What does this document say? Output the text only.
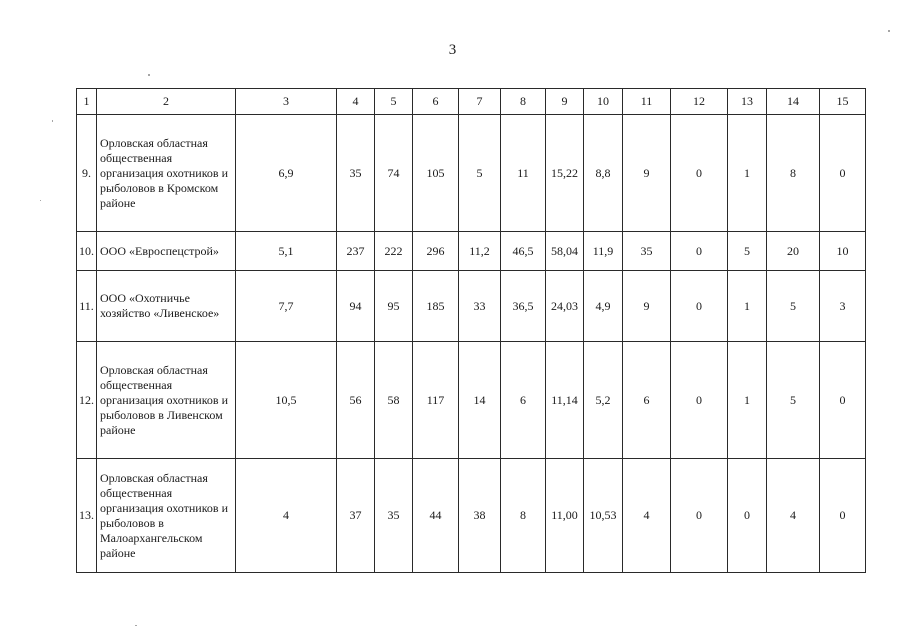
3
1	2	3	4	5	6	7	8	9	10	11	12	13	14	15
9.	Орловская областная общественная организация охотников и рыболовов в Кромском районе	6,9	35	74	105	5	11	15,22	8,8	9	0	1	8	0
10.	ООО «Евроспецстрой»	5,1	237	222	296	11,2	46,5	58,04	11,9	35	0	5	20	10
11.	ООО «Охотничье хозяйство «Ливенское»	7,7	94	95	185	33	36,5	24,03	4,9	9	0	1	5	3
12.	Орловская областная общественная организация охотников и рыболовов в Ливенском районе	10,5	56	58	117	14	6	11,14	5,2	6	0	1	5	0
13.	Орловская областная общественная организация охотников и рыболовов в Малоархангельском районе	4	37	35	44	38	8	11,00	10,53	4	0	0	4	0
